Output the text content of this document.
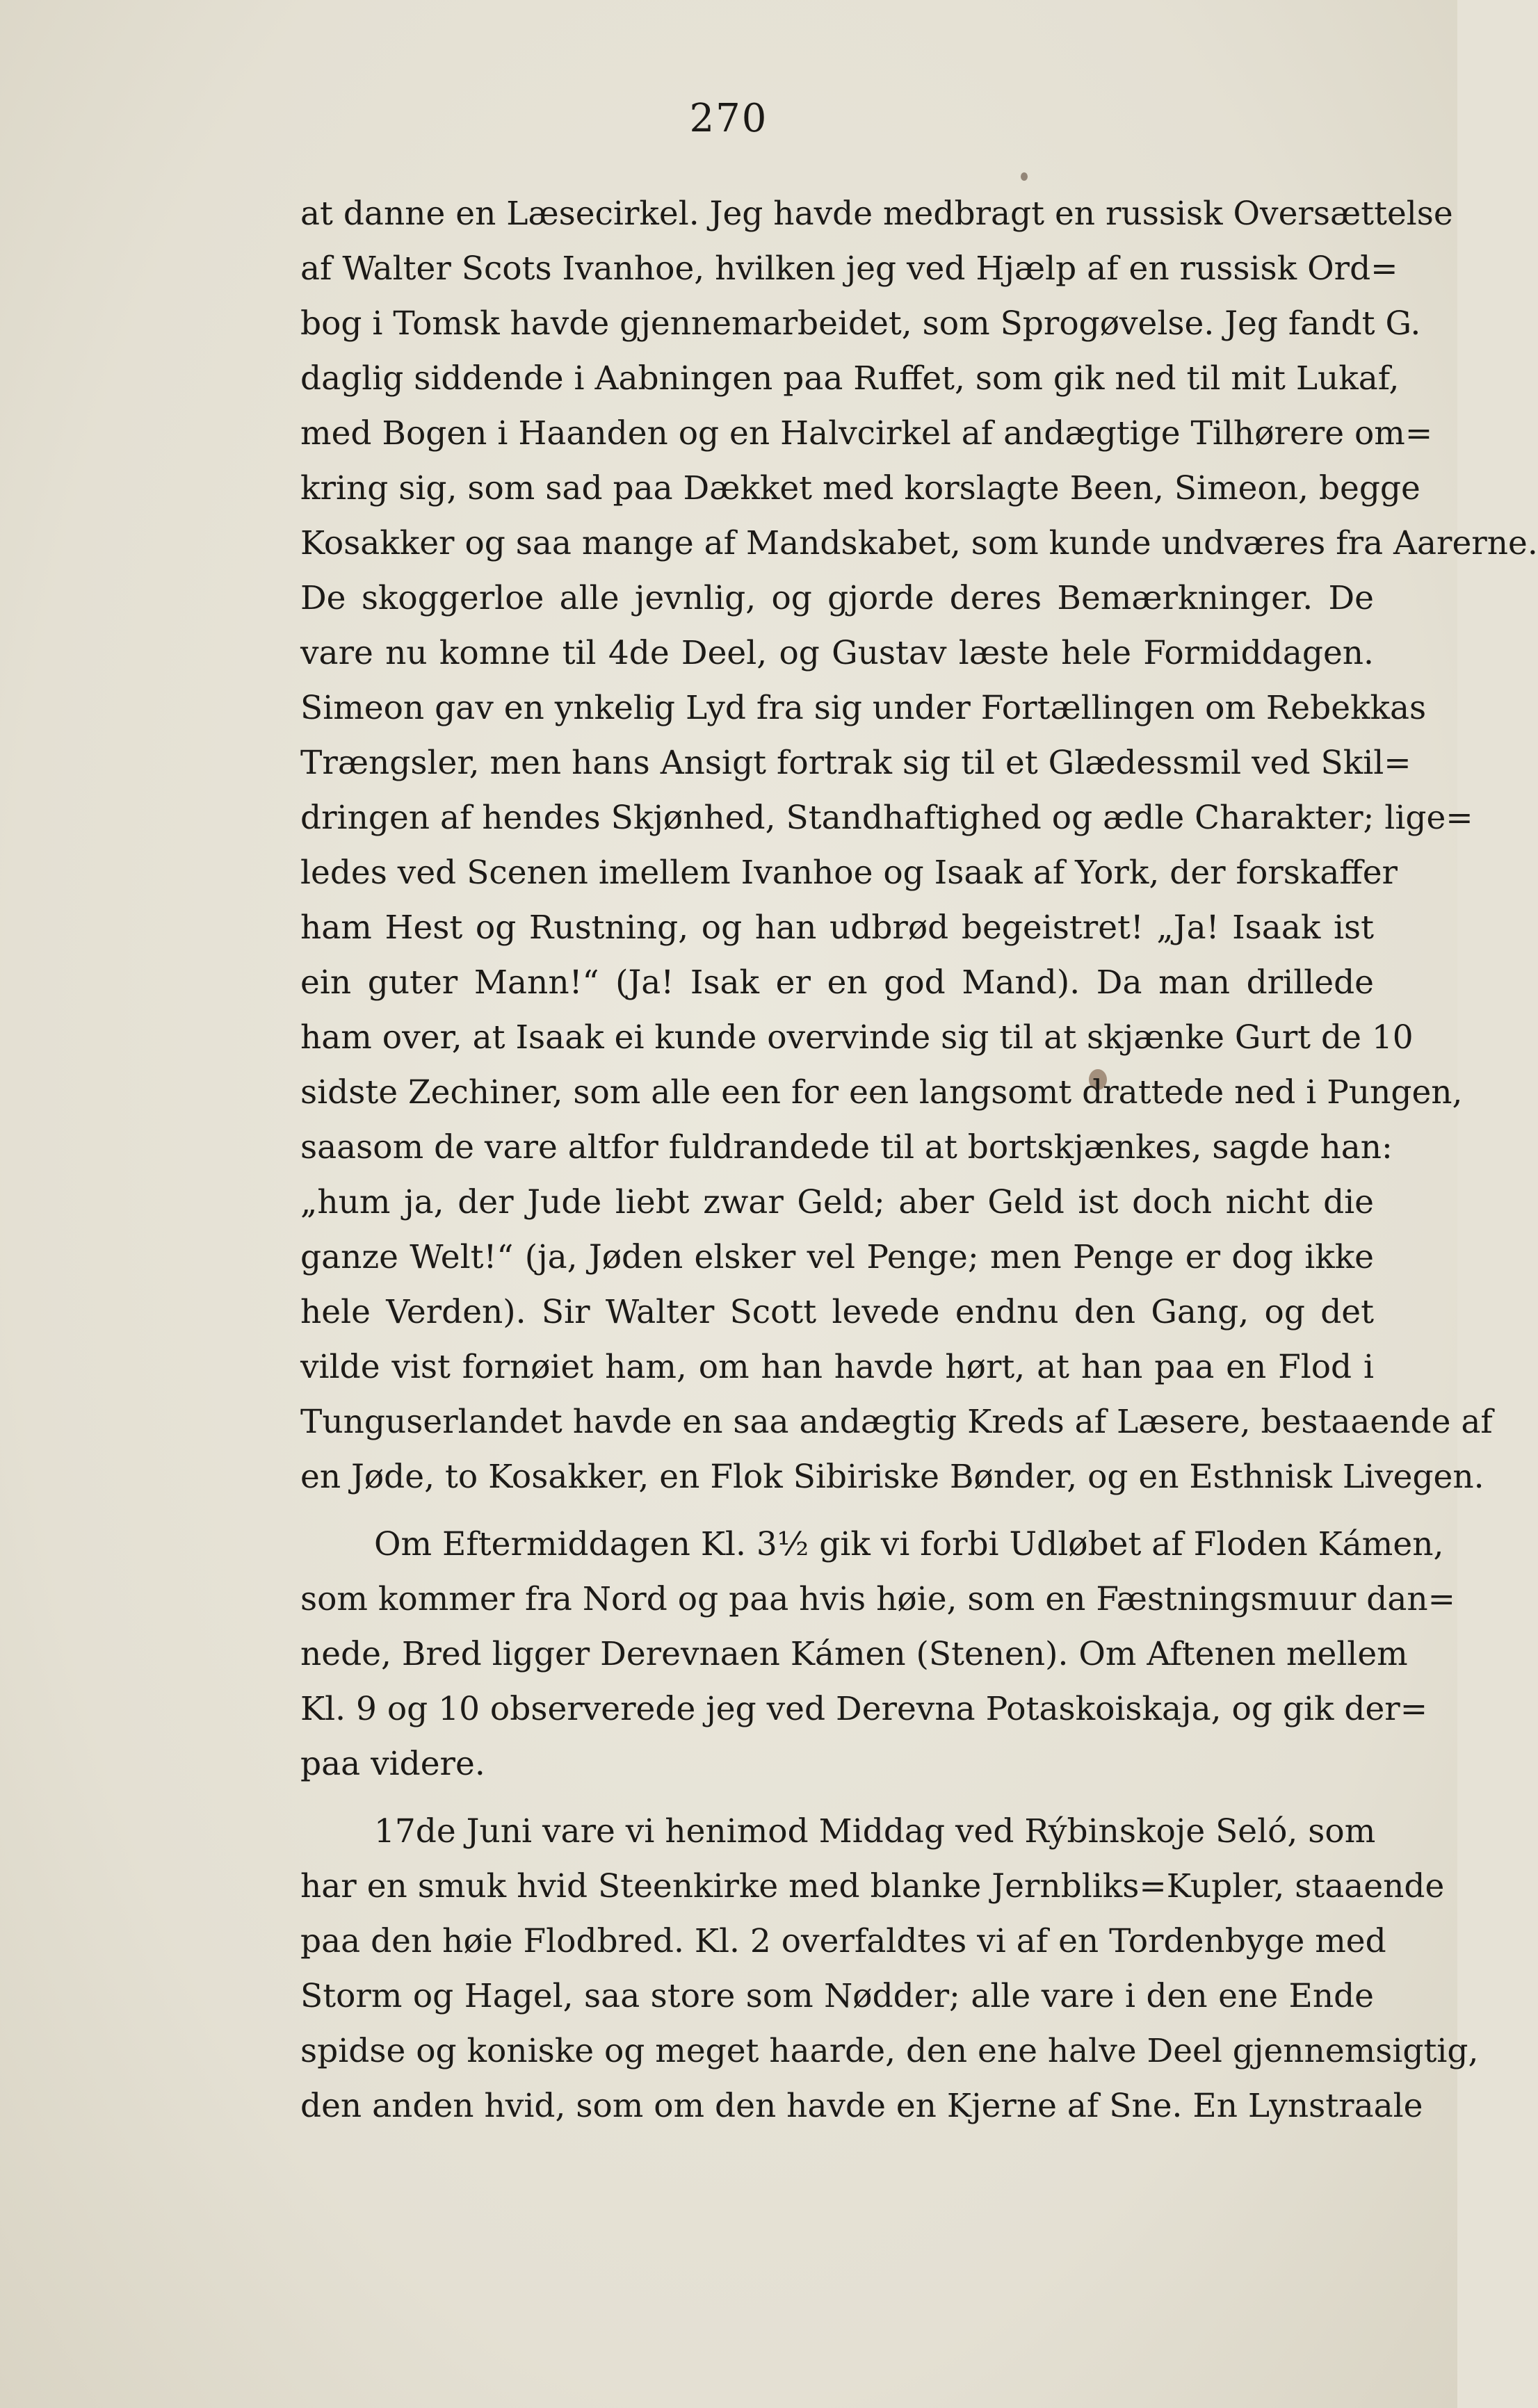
270
at danne en Læsecirkel. Jeg havde medbragt en russisk Oversættelse
af Walter Scots Ivanhoe, hvilken jeg ved Hjælp af en russisk Ord=
bog i Tomsk havde gjennemarbeidet, som Sprogøvelse. Jeg fandt G.
daglig siddende i Aabningen paa Ruffet, som gik ned til mit Lukaf,
med Bogen i Haanden og en Halvcirkel af andægtige Tilhørere om=
kring sig, som sad paa Dækket med korslagte Been, Simeon, begge
Kosakker og saa mange af Mandskabet, som kunde undværes fra Aarerne.
De skoggerloe alle jevnlig, og gjorde deres Bemærkninger. De
vare nu komne til 4de Deel, og Gustav læste hele Formiddagen.
Simeon gav en ynkelig Lyd fra sig under Fortællingen om Rebekkas
Trængsler, men hans Ansigt fortrak sig til et Glædessmil ved Skil=
dringen af hendes Skjønhed, Standhaftighed og ædle Charakter; lige=
ledes ved Scenen imellem Ivanhoe og Isaak af York, der forskaffer
ham Hest og Rustning, og han udbrød begeistret! „Ja! Isaak ist
ein guter Mann!“ (Ja! Isak er en god Mand). Da man drillede
ham over, at Isaak ei kunde overvinde sig til at skjænke Gurt de 10
sidste Zechiner, som alle een for een langsomt drattede ned i Pungen,
saasom de vare altfor fuldrandede til at bortskjænkes, sagde han:
„hum ja, der Jude liebt zwar Geld; aber Geld ist doch nicht die
ganze Welt!“ (ja, Jøden elsker vel Penge; men Penge er dog ikke
hele Verden). Sir Walter Scott levede endnu den Gang, og det
vilde vist fornøiet ham, om han havde hørt, at han paa en Flod i
Tunguserlandet havde en saa andægtig Kreds af Læsere, bestaaende af
en Jøde, to Kosakker, en Flok Sibiriske Bønder, og en Esthnisk Livegen.
Om Eftermiddagen Kl. 3½ gik vi forbi Udløbet af Floden Kámen,
som kommer fra Nord og paa hvis høie, som en Fæstningsmuur dan=
nede, Bred ligger Derevnaen Kámen (Stenen). Om Aftenen mellem
Kl. 9 og 10 observerede jeg ved Derevna Potaskoiskaja, og gik der=
paa videre.
17de Juni vare vi henimod Middag ved Rýbinskoje Seló, som
har en smuk hvid Steenkirke med blanke Jernbliks=Kupler, staaende
paa den høie Flodbred. Kl. 2 overfaldtes vi af en Tordenbyge med
Storm og Hagel, saa store som Nødder; alle vare i den ene Ende
spidse og koniske og meget haarde, den ene halve Deel gjennemsigtig,
den anden hvid, som om den havde en Kjerne af Sne. En Lynstraale
